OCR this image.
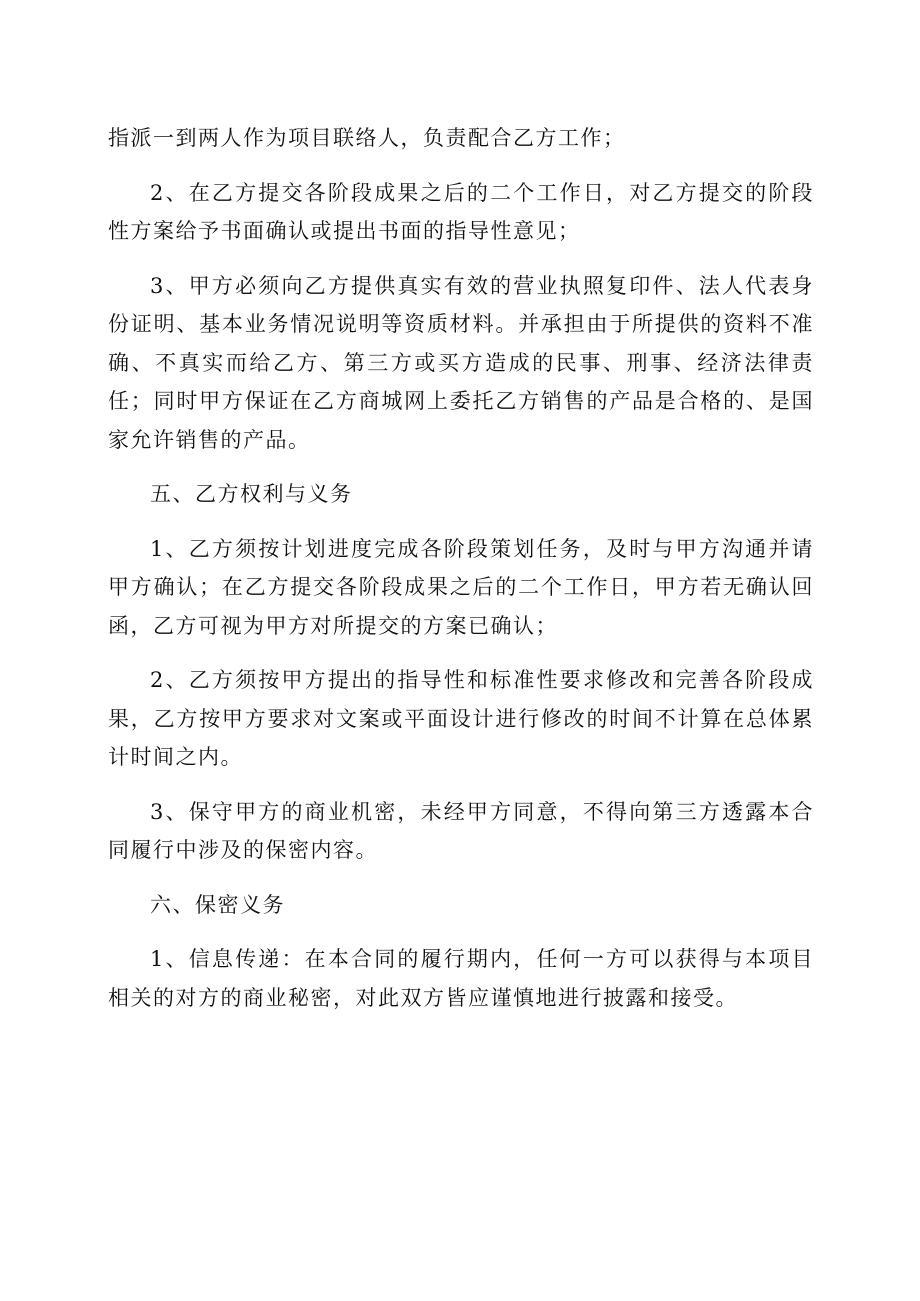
指派一到两人作为项目联络人，负责配合乙方工作；

2、在乙方提交各阶段成果之后的二个工作日，对乙方提交的阶段性方案给予书面确认或提出书面的指导性意见；

3、甲方必须向乙方提供真实有效的营业执照复印件、法人代表身份证明、基本业务情况说明等资质材料。并承担由于所提供的资料不准确、不真实而给乙方、第三方或买方造成的民事、刑事、经济法律责任；同时甲方保证在乙方商城网上委托乙方销售的产品是合格的、是国家允许销售的产品。

五、乙方权利与义务

1、乙方须按计划进度完成各阶段策划任务，及时与甲方沟通并请甲方确认；在乙方提交各阶段成果之后的二个工作日，甲方若无确认回函，乙方可视为甲方对所提交的方案已确认；

2、乙方须按甲方提出的指导性和标准性要求修改和完善各阶段成果，乙方按甲方要求对文案或平面设计进行修改的时间不计算在总体累计时间之内。

3、保守甲方的商业机密，未经甲方同意，不得向第三方透露本合同履行中涉及的保密内容。

六、保密义务

1、信息传递：在本合同的履行期内，任何一方可以获得与本项目相关的对方的商业秘密，对此双方皆应谨慎地进行披露和接受。
